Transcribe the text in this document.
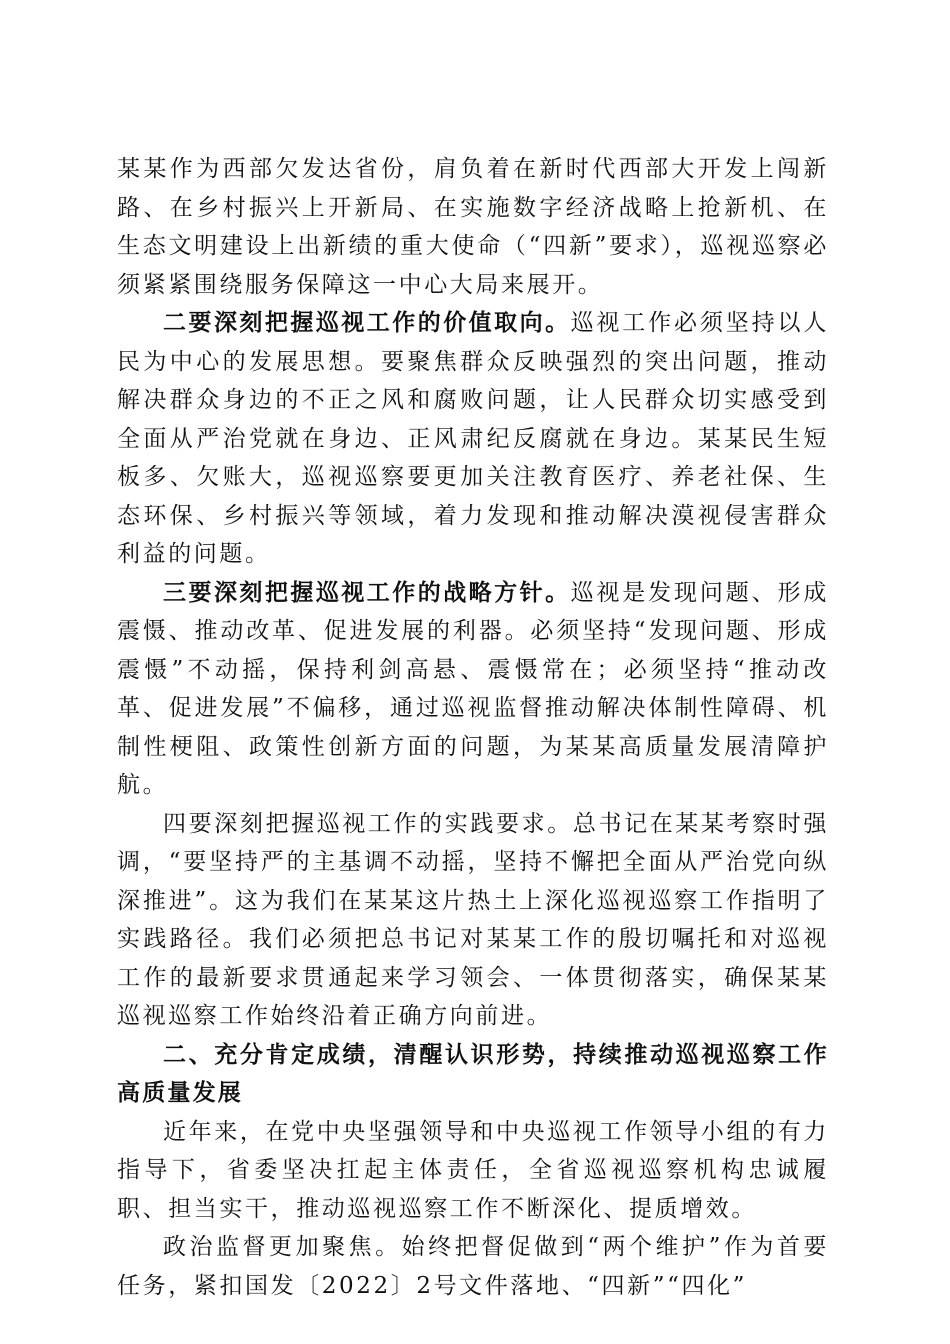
某某作为西部欠发达省份，肩负着在新时代西部大开发上闯新路、在乡村振兴上开新局、在实施数字经济战略上抢新机、在生态文明建设上出新绩的重大使命（“四新”要求），巡视巡察必须紧紧围绕服务保障这一中心大局来展开。

二要深刻把握巡视工作的价值取向。巡视工作必须坚持以人民为中心的发展思想。要聚焦群众反映强烈的突出问题，推动解决群众身边的不正之风和腐败问题，让人民群众切实感受到全面从严治党就在身边、正风肃纪反腐就在身边。某某民生短板多、欠账大，巡视巡察要更加关注教育医疗、养老社保、生态环保、乡村振兴等领域，着力发现和推动解决漠视侵害群众利益的问题。

三要深刻把握巡视工作的战略方针。巡视是发现问题、形成震慑、推动改革、促进发展的利器。必须坚持“发现问题、形成震慑”不动摇，保持利剑高悬、震慑常在；必须坚持“推动改革、促进发展”不偏移，通过巡视监督推动解决体制性障碍、机制性梗阻、政策性创新方面的问题，为某某高质量发展清障护航。

四要深刻把握巡视工作的实践要求。总书记在某某考察时强调，“要坚持严的主基调不动摇，坚持不懈把全面从严治党向纵深推进”。这为我们在某某这片热土上深化巡视巡察工作指明了实践路径。我们必须把总书记对某某工作的殷切嘱托和对巡视工作的最新要求贯通起来学习领会、一体贯彻落实，确保某某巡视巡察工作始终沿着正确方向前进。

二、充分肯定成绩，清醒认识形势，持续推动巡视巡察工作高质量发展

近年来，在党中央坚强领导和中央巡视工作领导小组的有力指导下，省委坚决扛起主体责任，全省巡视巡察机构忠诚履职、担当实干，推动巡视巡察工作不断深化、提质增效。

政治监督更加聚焦。始终把督促做到“两个维护”作为首要任务，紧扣国发〔2022〕2号文件落地、“四新”“四化”
